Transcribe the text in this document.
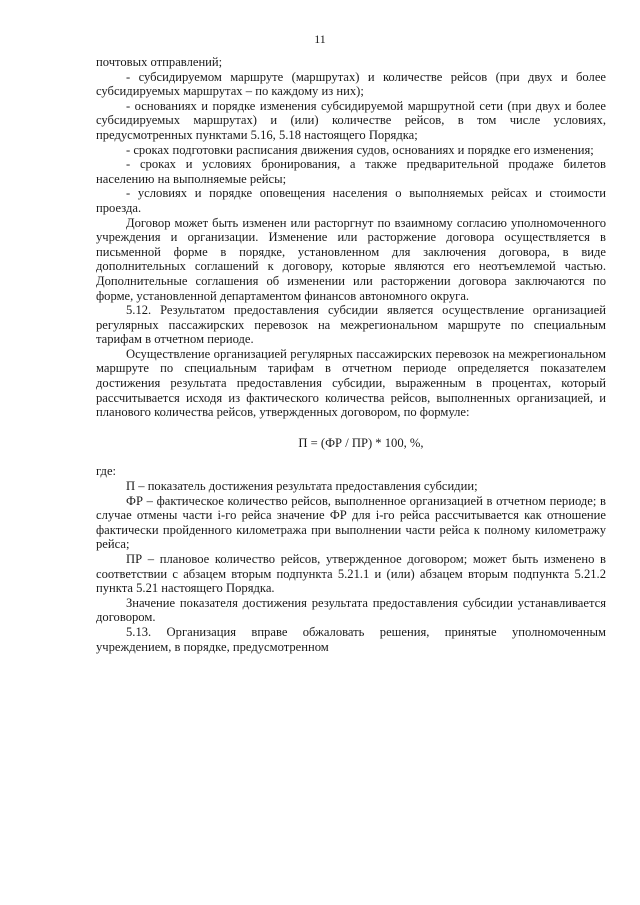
11

почтовых отправлений;

- субсидируемом маршруте (маршрутах) и количестве рейсов (при двух и более субсидируемых маршрутах – по каждому из них);

- основаниях и порядке изменения субсидируемой маршрутной сети (при двух и более субсидируемых маршрутах) и (или) количестве рейсов, в том числе условиях, предусмотренных пунктами 5.16, 5.18 настоящего Порядка;

- сроках подготовки расписания движения судов, основаниях и порядке его изменения;

- сроках и условиях бронирования, а также предварительной продаже билетов населению на выполняемые рейсы;

- условиях и порядке оповещения населения о выполняемых рейсах и стоимости проезда.

Договор может быть изменен или расторгнут по взаимному согласию уполномоченного учреждения и организации. Изменение или расторжение договора осуществляется в письменной форме в порядке, установленном для заключения договора, в виде дополнительных соглашений к договору, которые являются его неотъемлемой частью. Дополнительные соглашения об изменении или расторжении договора заключаются по форме, установленной департаментом финансов автономного округа.

5.12. Результатом предоставления субсидии является осуществление организацией регулярных пассажирских перевозок на межрегиональном маршруте по специальным тарифам в отчетном периоде.

Осуществление организацией регулярных пассажирских перевозок на межрегиональном маршруте по специальным тарифам в отчетном периоде определяется показателем достижения результата предоставления субсидии, выраженным в процентах, который рассчитывается исходя из фактического количества рейсов, выполненных организацией, и планового количества рейсов, утвержденных договором, по формуле:

П = (ФР / ПР) * 100, %,

где:

П – показатель достижения результата предоставления субсидии;

ФР – фактическое количество рейсов, выполненное организацией в отчетном периоде; в случае отмены части i-го рейса значение ФР для i-го рейса рассчитывается как отношение фактически пройденного километража при выполнении части рейса к полному километражу рейса;

ПР – плановое количество рейсов, утвержденное договором; может быть изменено в соответствии с абзацем вторым подпункта 5.21.1 и (или) абзацем вторым подпункта 5.21.2 пункта 5.21 настоящего Порядка.

Значение показателя достижения результата предоставления субсидии устанавливается договором.

5.13. Организация вправе обжаловать решения, принятые уполномоченным учреждением, в порядке, предусмотренном
